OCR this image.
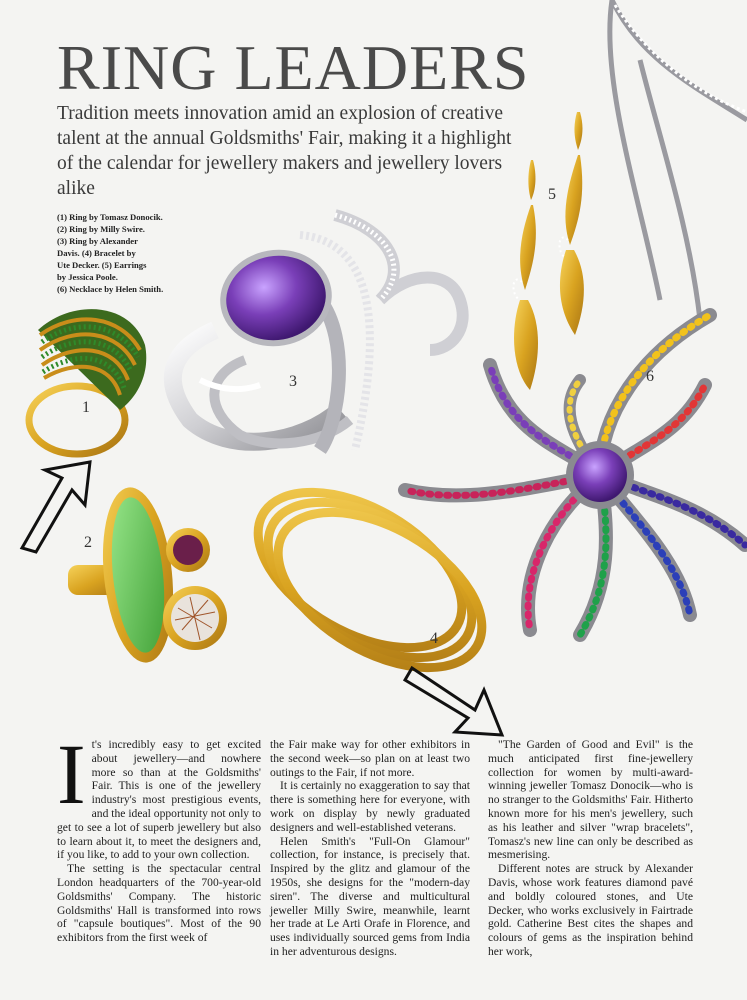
RING LEADERS
Tradition meets innovation amid an explosion of creative talent at the annual Goldsmiths' Fair, making it a highlight of the calendar for jewellery makers and jewellery lovers alike
(1) Ring by Tomasz Donocik.
(2) Ring by Milly Swire.
(3) Ring by Alexander
Davis. (4) Bracelet by
Ute Decker. (5) Earrings
by Jessica Poole.
(6) Necklace by Helen Smith.
1
2
3
4
5
6
I t's incredibly easy to get excited about jewellery—and nowhere more so than at the Goldsmiths' Fair. This is one of the jewellery industry's most prestigious events, and the ideal opportunity not only to get to see a lot of superb jewellery but also to learn about it, to meet the designers and, if you like, to add to your own collection.

The setting is the spectacular central London headquarters of the 700-year-old Goldsmiths' Company. The historic Goldsmiths' Hall is transformed into rows of "capsule boutiques". Most of the 90 exhibitors from the first week of

the Fair make way for other exhibitors in the second week—so plan on at least two outings to the Fair, if not more.

It is certainly no exaggeration to say that there is something here for everyone, with work on display by newly graduated designers and well-established veterans.

Helen Smith's "Full-On Glamour" collection, for instance, is precisely that. Inspired by the glitz and glamour of the 1950s, she designs for the "modern-day siren". The diverse and multicultural jeweller Milly Swire, meanwhile, learnt her trade at Le Arti Orafe in Florence, and uses individually sourced gems from India in her adventurous designs.

"The Garden of Good and Evil" is the much anticipated first fine-jewellery collection for women by multi-award-winning jeweller Tomasz Donocik—who is no stranger to the Goldsmiths' Fair. Hitherto known more for his men's jewellery, such as his leather and silver "wrap bracelets", Tomasz's new line can only be described as mesmerising.

Different notes are struck by Alexander Davis, whose work features diamond pavé and boldly coloured stones, and Ute Decker, who works exclusively in Fairtrade gold. Catherine Best cites the shapes and colours of gems as the inspiration behind her work,
